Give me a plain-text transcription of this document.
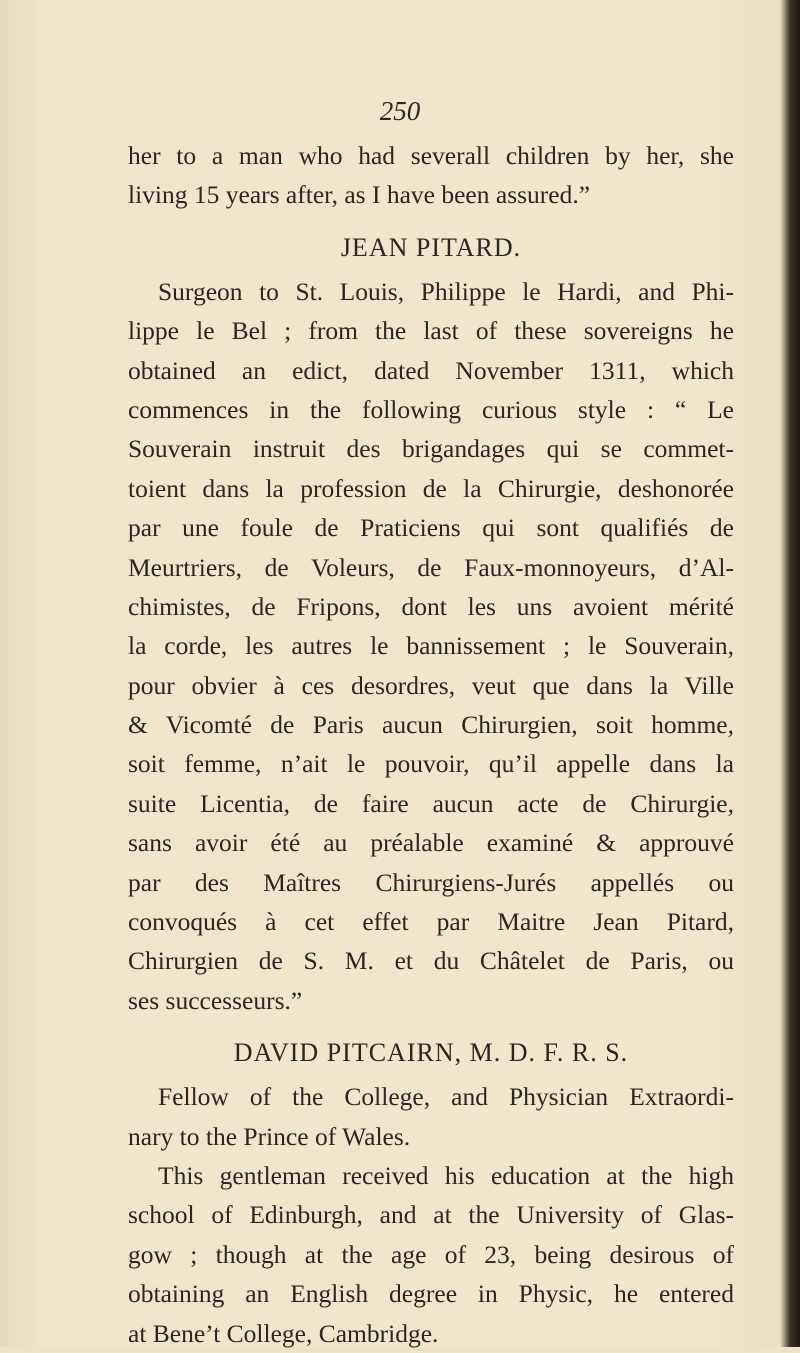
250
her to a man who had severall children by her, she
living 15 years after, as I have been assured.”
JEAN PITARD.
Surgeon to St. Louis, Philippe le Hardi, and Phi-
lippe le Bel ; from the last of these sovereigns he
obtained an edict, dated November 1311, which
commences in the following curious style : “ Le
Souverain instruit des brigandages qui se commet-
toient dans la profession de la Chirurgie, deshonorée
par une foule de Praticiens qui sont qualifiés de
Meurtriers, de Voleurs, de Faux-monnoyeurs, d’Al-
chimistes, de Fripons, dont les uns avoient mérité
la corde, les autres le bannissement ; le Souverain,
pour obvier à ces desordres, veut que dans la Ville
& Vicomté de Paris aucun Chirurgien, soit homme,
soit femme, n’ait le pouvoir, qu’il appelle dans la
suite Licentia, de faire aucun acte de Chirurgie,
sans avoir été au préalable examiné & approuvé
par des Maîtres Chirurgiens-Jurés appellés ou
convoqués à cet effet par Maitre Jean Pitard,
Chirurgien de S. M. et du Châtelet de Paris, ou
ses successeurs.”
DAVID PITCAIRN, M. D. F. R. S.
Fellow of the College, and Physician Extraordi-
nary to the Prince of Wales.
This gentleman received his education at the high
school of Edinburgh, and at the University of Glas-
gow ; though at the age of 23, being desirous of
obtaining an English degree in Physic, he entered
at Bene’t College, Cambridge.
